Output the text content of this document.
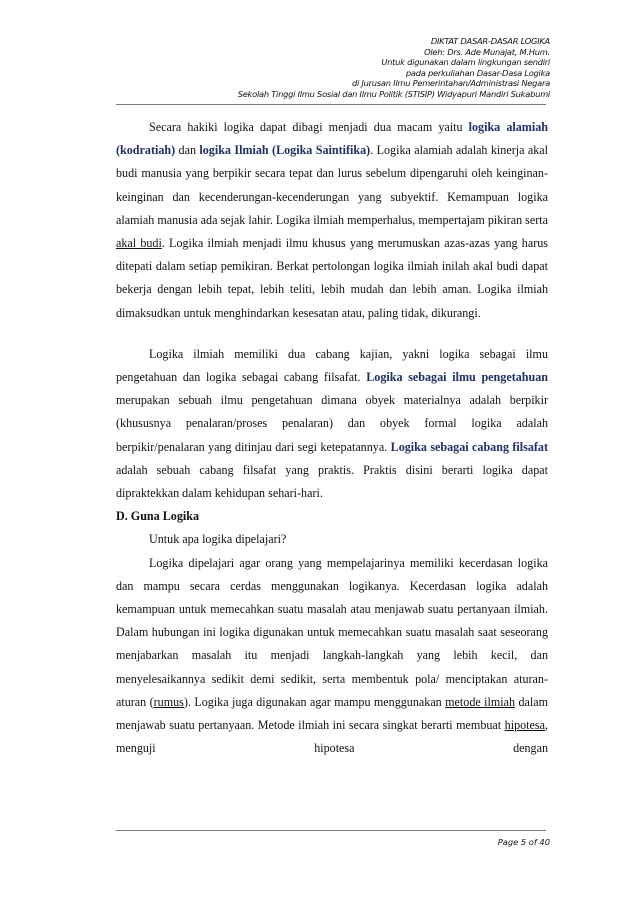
DIKTAT DASAR-DASAR LOGIKA
Oleh: Drs. Ade Munajat, M.Hum.
Untuk digunakan dalam lingkungan sendiri
pada perkuliahan Dasar-Dasa Logika
di Jurusan Ilmu Pemerintahan/Administrasi Negara
Sekolah Tinggi Ilmu Sosial dan Ilmu Politik (STISIP) Widyapuri Mandiri Sukabumi

Secara hakiki logika dapat dibagi menjadi dua macam yaitu logika alamiah (kodratiah) dan logika Ilmiah (Logika Saintifika). Logika alamiah adalah kinerja akal budi manusia yang berpikir secara tepat dan lurus sebelum dipengaruhi oleh keinginan-keinginan dan kecenderungan-kecenderungan yang subyektif. Kemampuan logika alamiah manusia ada sejak lahir. Logika ilmiah memperhalus, mempertajam pikiran serta akal budi. Logika ilmiah menjadi ilmu khusus yang merumuskan azas-azas yang harus ditepati dalam setiap pemikiran. Berkat pertolongan logika ilmiah inilah akal budi dapat bekerja dengan lebih tepat, lebih teliti, lebih mudah dan lebih aman. Logika ilmiah dimaksudkan untuk menghindarkan kesesatan atau, paling tidak, dikurangi.

Logika ilmiah memiliki dua cabang kajian, yakni logika sebagai ilmu pengetahuan dan logika sebagai cabang filsafat. Logika sebagai ilmu pengetahuan merupakan sebuah ilmu pengetahuan dimana obyek materialnya adalah berpikir (khususnya penalaran/proses penalaran) dan obyek formal logika adalah berpikir/penalaran yang ditinjau dari segi ketepatannya. Logika sebagai cabang filsafat adalah sebuah cabang filsafat yang praktis. Praktis disini berarti logika dapat dipraktekkan dalam kehidupan sehari-hari.

D. Guna Logika

Untuk apa logika dipelajari?

Logika dipelajari agar orang yang mempelajarinya memiliki kecerdasan logika dan mampu secara cerdas menggunakan logikanya. Kecerdasan logika adalah kemampuan untuk memecahkan suatu masalah atau menjawab suatu pertanyaan ilmiah. Dalam hubungan ini logika digunakan untuk memecahkan suatu masalah saat seseorang menjabarkan masalah itu menjadi langkah-langkah yang lebih kecil, dan menyelesaikannya sedikit demi sedikit, serta membentuk pola/ menciptakan aturan-aturan (rumus). Logika juga digunakan agar mampu menggunakan metode ilmiah dalam menjawab suatu pertanyaan. Metode ilmiah ini secara singkat berarti membuat hipotesa, menguji hipotesa dengan

Page 5 of 40
